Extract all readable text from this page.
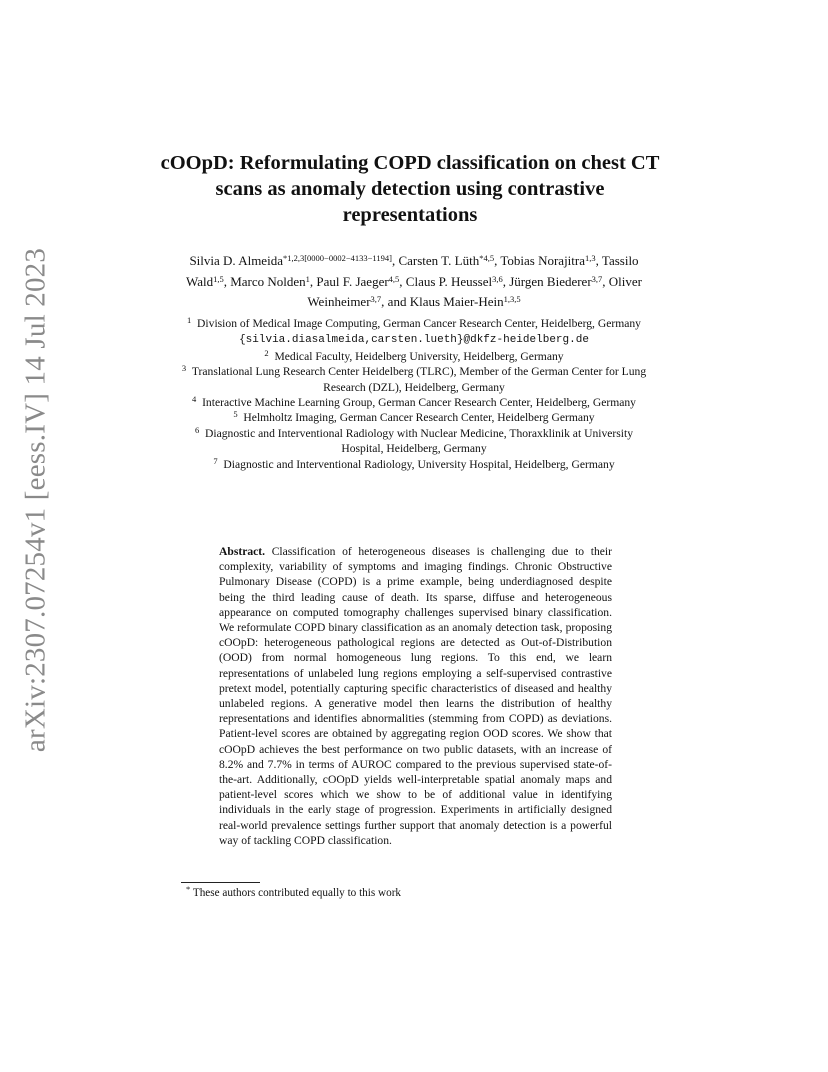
arXiv:2307.07254v1 [eess.IV] 14 Jul 2023
cOOpD: Reformulating COPD classification on chest CT scans as anomaly detection using contrastive representations
Silvia D. Almeida$^{*1,2,3[0000-0002-4133-1194]}$, Carsten T. Lüth$^{*4,5}$, Tobias Norajitra$^{1,3}$, Tassilo Wald$^{1,5}$, Marco Nolden$^1$, Paul F. Jaeger$^{4,5}$, Claus P. Heussel$^{3,6}$, Jürgen Biederer$^{3,7}$, Oliver Weinheimer$^{3,7}$, and Klaus Maier-Hein$^{1,3,5}$
$^1$  Division of Medical Image Computing, German Cancer Research Center, Heidelberg, Germany
{silvia.diasalmeida,carsten.lueth}@dkfz-heidelberg.de
$^2$  Medical Faculty, Heidelberg University, Heidelberg, Germany
$^3$  Translational Lung Research Center Heidelberg (TLRC), Member of the German Center for Lung Research (DZL), Heidelberg, Germany
$^4$  Interactive Machine Learning Group, German Cancer Research Center, Heidelberg, Germany
$^5$  Helmholtz Imaging, German Cancer Research Center, Heidelberg Germany
$^6$  Diagnostic and Interventional Radiology with Nuclear Medicine, Thoraxklinik at University Hospital, Heidelberg, Germany
$^7$  Diagnostic and Interventional Radiology, University Hospital, Heidelberg, Germany
Abstract. Classification of heterogeneous diseases is challenging due to their complexity, variability of symptoms and imaging findings. Chronic Obstructive Pulmonary Disease (COPD) is a prime example, being underdiagnosed despite being the third leading cause of death. Its sparse, diffuse and heterogeneous appearance on computed tomography challenges supervised binary classification. We reformulate COPD binary classification as an anomaly detection task, proposing cOOpD: heterogeneous pathological regions are detected as Out-of-Distribution (OOD) from normal homogeneous lung regions. To this end, we learn representations of unlabeled lung regions employing a self-supervised contrastive pretext model, potentially capturing specific characteristics of diseased and healthy unlabeled regions. A generative model then learns the distribution of healthy representations and identifies abnormalities (stemming from COPD) as deviations. Patient-level scores are obtained by aggregating region OOD scores. We show that cOOpD achieves the best performance on two public datasets, with an increase of 8.2% and 7.7% in terms of AUROC compared to the previous supervised state-of-the-art. Additionally, cOOpD yields well-interpretable spatial anomaly maps and patient-level scores which we show to be of additional value in identifying individuals in the early stage of progression. Experiments in artificially designed real-world prevalence settings further support that anomaly detection is a powerful way of tackling COPD classification.
* These authors contributed equally to this work
